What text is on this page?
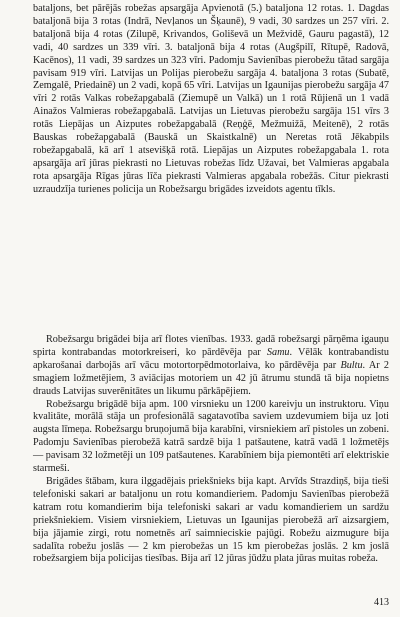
bataljons, bet pārējās robežas apsargāja Apvienotā (5.) bataljona 12 rotas. 1. Dagdas bataljonā bija 3 rotas (Indrā, Nevļanos un Šķaunē), 9 vadi, 30 sardzes un 257 vīri. 2. bataljonā bija 4 rotas (Zilupē, Krivandos, Goliševā un Mežvidē, Gauru pagastā), 12 vadi, 40 sardzes un 339 vīri. 3. bataljonā bija 4 rotas (Augšpilī, Rītupē, Radovā, Kacēnos), 11 vadi, 39 sardzes un 323 vīri. Padomju Savienības pierobežu tātad sargāja pavisam 919 vīri. Latvijas un Polijas pierobežu sargāja 4. bataljona 3 rotas (Subatē, Zemgalē, Priedainē) un 2 vadi, kopā 65 vīri. Latvijas un Igaunijas pierobežu sargāja 47 vīri 2 rotās Valkas robežapgabalā (Ziemupē un Valkā) un 1 rotā Rūjienā un 1 vadā Ainažos Valmieras robežapgabalā. Latvijas un Lietuvas pierobežu sargāja 151 vīrs 3 rotās Liepājas un Aizputes robežapgabalā (Reņģē, Mežmuižā, Meitenē), 2 rotās Bauskas robežapgabalā (Bauskā un Skaistkalnē) un Neretas rotā Jēkabpils robežapgabalā, kā arī 1 atsevišķā rotā. Liepājas un Aizputes robežapgabala 1. rota apsargāja arī jūras piekrasti no Lietuvas robežas līdz Užavai, bet Valmieras apgabala rota apsargāja Rīgas jūras līča piekrasti Valmieras apgabala robežās. Citur piekrasti uzraudzīja turienes policija un Robežsargu brigādes izveidots agentu tīkls.

Robežsargu brigādei bija arī flotes vienības. 1933. gadā robežsargi pārņēma igauņu spirta kontrabandas motorkreiseri, ko pārdēvēja par Samu. Vēlāk kontrabandistu apkarošanai darbojās arī vācu motortorpēdmotorlaiva, ko pārdēvēja par Bultu. Ar 2 smagiem ložmetējiem, 3 aviācijas motoriem un 42 jū ātrumu stundā tā bija nopietns drauds Latvijas suverēnitātes un likumu pārkāpējiem.

Robežsargu brigādē bija apm. 100 virsnieku un 1200 kareivju un instruktoru. Viņu kvalitāte, morālā stāja un profesionālā sagatavotība saviem uzdevumiem bija uz ļoti augsta līmeņa. Robežsargu bruņojumā bija karabīni, virsniekiem arī pistoles un zobeni. Padomju Savienības pierobežā katrā sardzē bija 1 patšautene, katrā vadā 1 ložmetējs — pavisam 32 ložmetēji un 109 patšautenes. Karabīniem bija piemontēti arī elektriskie starmeši.

Brigādes štābam, kura ilggadējais priekšnieks bija kapt. Arvīds Strazdiņš, bija tieši telefoniski sakari ar bataljonu un rotu komandieriem. Padomju Savienības pierobežā katram rotu komandierim bija telefoniski sakari ar vadu komandieriem un sardžu priekšniekiem. Visiem virsniekiem, Lietuvas un Igaunijas pierobežā arī aizsargiem, bija jājamie zirgi, rotu nometnēs arī saimnieciskie pajūgi. Robežu aizmugure bija sadalīta robežu joslās — 2 km pierobežas un 15 km pierobežas joslās. 2 km joslā robežsargiem bija policijas tiesības. Bija arī 12 jūras jūdžu plata jūras muitas robeža.

413
